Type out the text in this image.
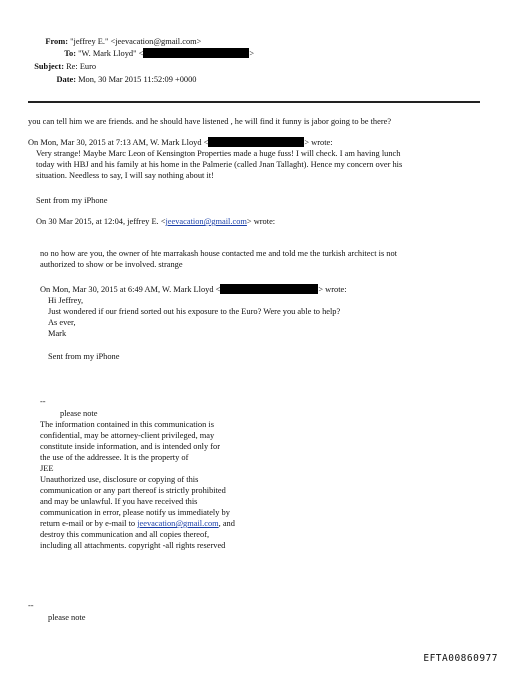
From: "jeffrey E." <jeevacation@gmail.com>
To: "W. Mark Lloyd" <	>
Subject: Re: Euro
Date: Mon, 30 Mar 2015 11:52:09 +0000
you can tell him we are friends. and he should have listened , he will find it funny is jabor going to be there?
On Mon, Mar 30, 2015 at 7:13 AM, W. Mark Lloyd <	> wrote:
Very strange! Maybe Marc Leon of Kensington Properties made a huge fuss! I will check. I am having lunch
today with HBJ and his family at his home in the Palmerie (called Jnan Tallaght). Hence my concern over his
situation. Needless to say, I will say nothing about it!
Sent from my iPhone
On 30 Mar 2015, at 12:04, jeffrey E. <jeevacation@gmail.com> wrote:
no no how are you, the owner of hte marrakash house contacted me and told me the turkish architect is not
authorized to show or be involved. strange
On Mon, Mar 30, 2015 at 6:49 AM, W. Mark Lloyd <	> wrote:
Hi Jeffrey,
Just wondered if our friend sorted out his exposure to the Euro? Were you able to help?
As ever,
Mark
Sent from my iPhone
--
please note
The information contained in this communication is
confidential, may be attorney-client privileged, may
constitute inside information, and is intended only for
the use of the addressee. It is the property of
JEE
Unauthorized use, disclosure or copying of this
communication or any part thereof is strictly prohibited
and may be unlawful. If you have received this
communication in error, please notify us immediately by
return e-mail or by e-mail to jeevacation@gmail.com, and
destroy this communication and all copies thereof,
including all attachments. copyright -all rights reserved
--
please note
EFTA00860977
